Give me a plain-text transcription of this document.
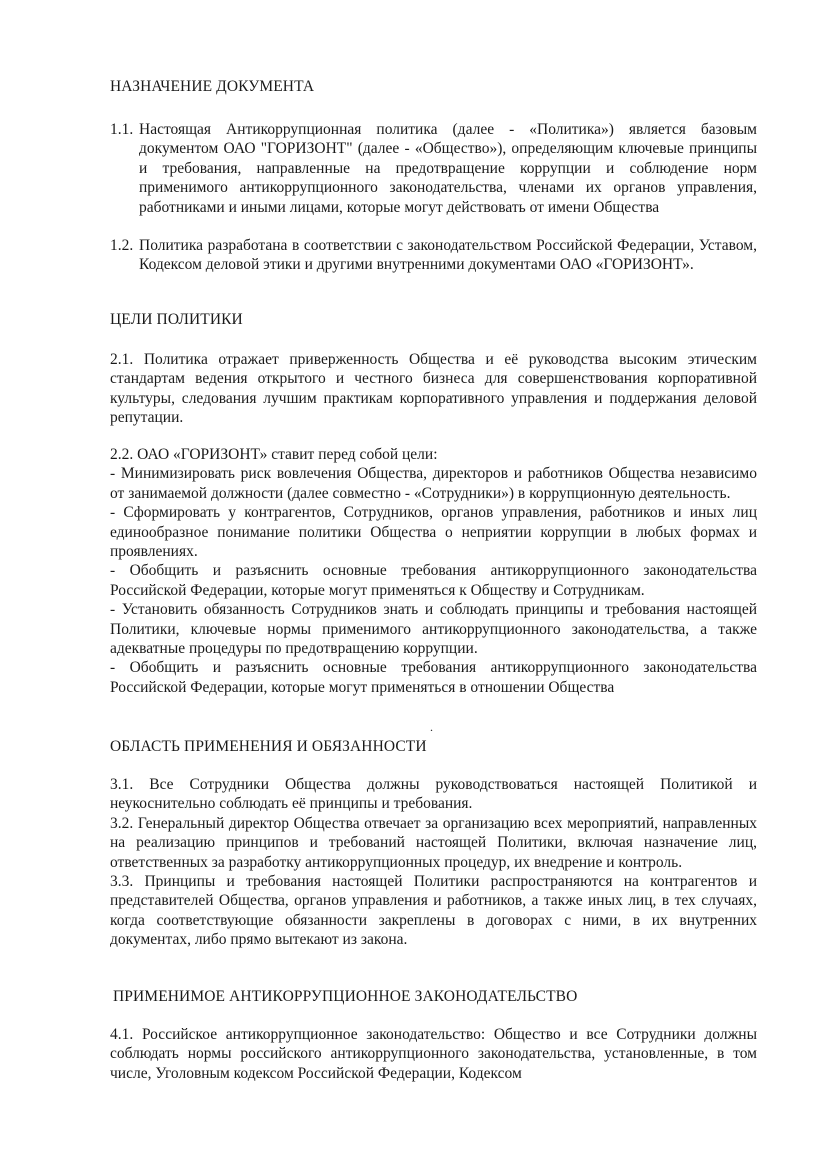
НАЗНАЧЕНИЕ ДОКУМЕНТА
1.1. Настоящая Антикоррупционная политика (далее - «Политика») является базовым документом ОАО "ГОРИЗОНТ" (далее - «Общество»), определяющим ключевые принципы и требования, направленные на предотвращение коррупции и соблюдение норм применимого антикоррупционного законодательства, членами их органов управления, работниками и иными лицами, которые могут действовать от имени Общества
1.2. Политика разработана в соответствии с законодательством Российской Федерации, Уставом, Кодексом деловой этики и другими внутренними документами ОАО «ГОРИЗОНТ».
ЦЕЛИ ПОЛИТИКИ

2.1. Политика отражает приверженность Общества и её руководства высоким этическим стандартам ведения открытого и честного бизнеса для совершенствования корпоративной культуры, следования лучшим практикам корпоративного управления и поддержания деловой репутации.

2.2. ОАО «ГОРИЗОНТ» ставит перед собой цели:

- Минимизировать риск вовлечения Общества, директоров и работников Общества независимо от занимаемой должности (далее совместно - «Сотрудники») в коррупционную деятельность.

- Сформировать у контрагентов, Сотрудников, органов управления, работников и иных лиц единообразное понимание политики Общества о неприятии коррупции в любых формах и проявлениях.

- Обобщить и разъяснить основные требования антикоррупционного законодательства Российской Федерации, которые могут применяться к Обществу и Сотрудникам.

- Установить обязанность Сотрудников знать и соблюдать принципы и требования настоящей Политики, ключевые нормы применимого антикоррупционного законодательства, а также адекватные процедуры по предотвращению коррупции.

- Обобщить и разъяснить основные требования антикоррупционного законодательства Российской Федерации, которые могут применяться в отношении Общества

.
ОБЛАСТЬ ПРИМЕНЕНИЯ И ОБЯЗАННОСТИ

3.1. Все Сотрудники Общества должны руководствоваться настоящей Политикой и неукоснительно соблюдать её принципы и требования.

3.2. Генеральный директор Общества отвечает за организацию всех мероприятий, направленных на реализацию принципов и требований настоящей Политики, включая назначение лиц, ответственных за разработку антикоррупционных процедур, их внедрение и контроль.

3.3. Принципы и требования настоящей Политики распространяются на контрагентов и представителей Общества, органов управления и работников, а также иных лиц, в тех случаях, когда соответствующие обязанности закреплены в договорах с ними, в их внутренних документах, либо прямо вытекают из закона.

ПРИМЕНИМОЕ АНТИКОРРУПЦИОННОЕ ЗАКОНОДАТЕЛЬСТВО

4.1. Российское антикоррупционное законодательство: Общество и все Сотрудники должны соблюдать нормы российского антикоррупционного законодательства, установленные, в том числе, Уголовным кодексом Российской Федерации, Кодексом
